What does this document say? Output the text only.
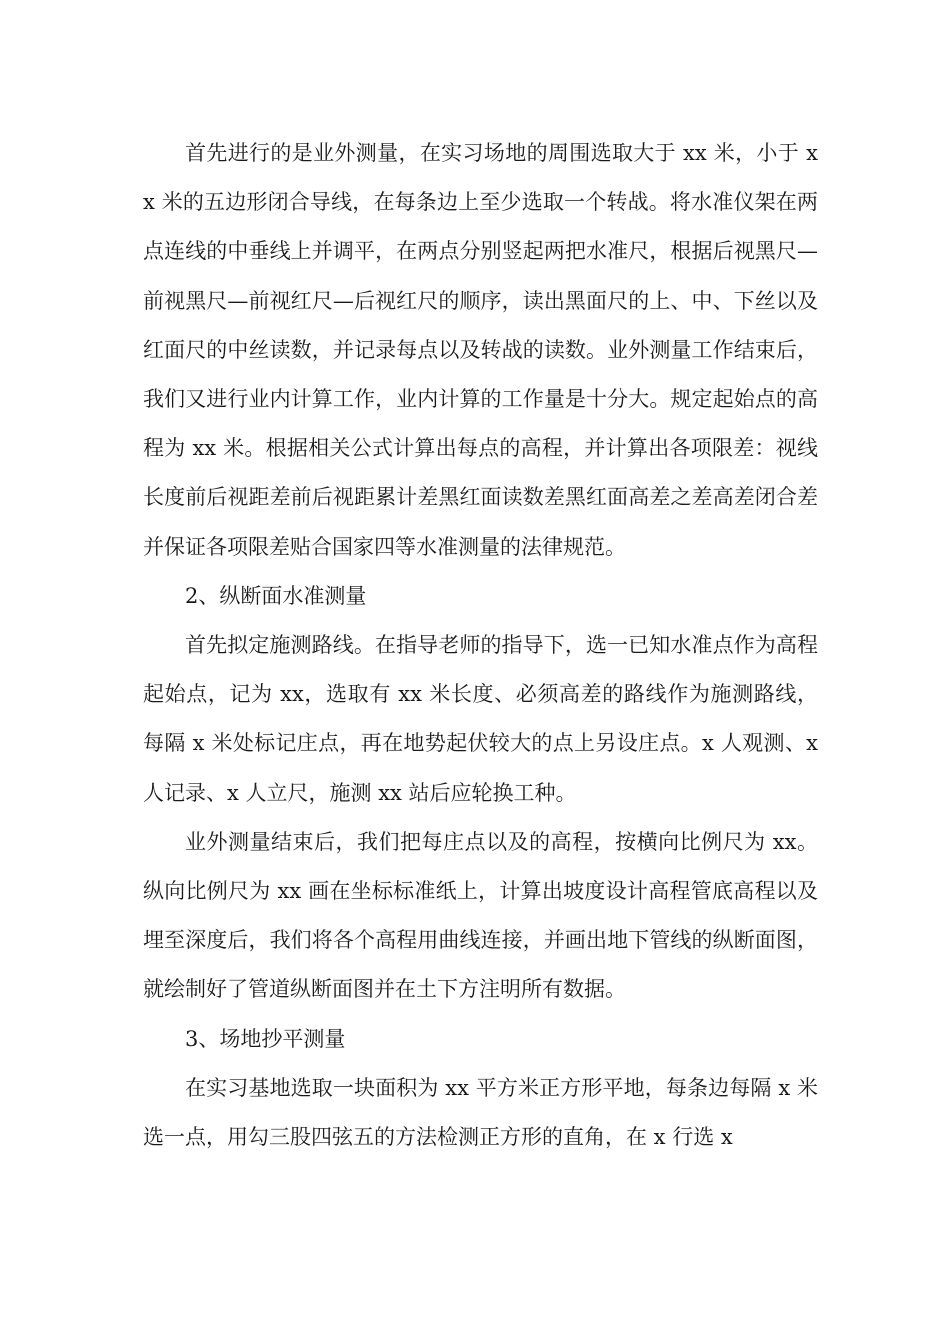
首先进行的是业外测量，在实习场地的周围选取大于 xx 米，小于 xx 米的五边形闭合导线，在每条边上至少选取一个转战。将水准仪架在两点连线的中垂线上并调平，在两点分别竖起两把水准尺，根据后视黑尺—前视黑尺—前视红尺—后视红尺的顺序，读出黑面尺的上、中、下丝以及红面尺的中丝读数，并记录每点以及转战的读数。业外测量工作结束后，我们又进行业内计算工作，业内计算的工作量是十分大。规定起始点的高程为 xx 米。根据相关公式计算出每点的高程，并计算出各项限差：视线长度前后视距差前后视距累计差黑红面读数差黑红面高差之差高差闭合差并保证各项限差贴合国家四等水准测量的法律规范。

2、纵断面水准测量

首先拟定施测路线。在指导老师的指导下，选一已知水准点作为高程起始点，记为 xx，选取有 xx 米长度、必须高差的路线作为施测路线，每隔 x 米处标记庄点，再在地势起伏较大的点上另设庄点。x 人观测、x 人记录、x 人立尺，施测 xx 站后应轮换工种。

业外测量结束后，我们把每庄点以及的高程，按横向比例尺为 xx。纵向比例尺为 xx 画在坐标标准纸上，计算出坡度设计高程管底高程以及埋至深度后，我们将各个高程用曲线连接，并画出地下管线的纵断面图，就绘制好了管道纵断面图并在土下方注明所有数据。

3、场地抄平测量

在实习基地选取一块面积为 xx 平方米正方形平地，每条边每隔 x 米选一点，用勾三股四弦五的方法检测正方形的直角，在 x 行选 x
